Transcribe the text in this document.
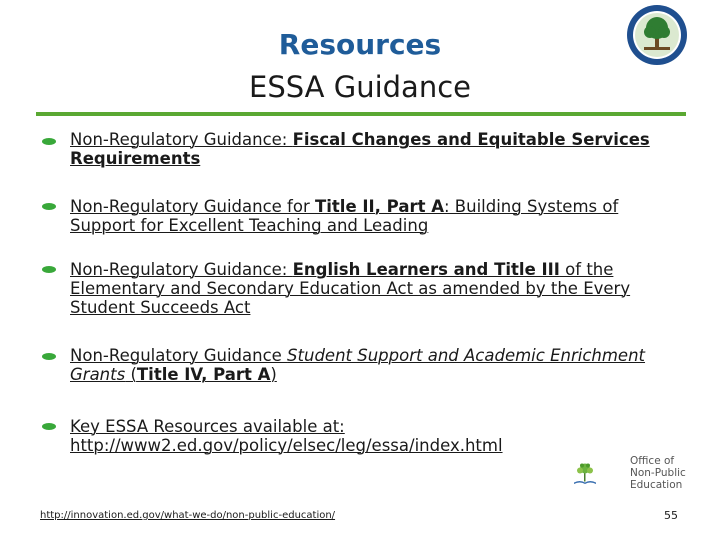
Resources
ESSA Guidance
Non-Regulatory Guidance: Fiscal Changes and Equitable Services Requirements
Non-Regulatory Guidance for Title II, Part A: Building Systems of Support for Excellent Teaching and Leading
Non-Regulatory Guidance: English Learners and Title III of the Elementary and Secondary Education Act as amended by the Every Student Succeeds Act
Non-Regulatory Guidance Student Support and Academic Enrichment Grants (Title IV, Part A)
Key ESSA Resources available at: http://www2.ed.gov/policy/elsec/leg/essa/index.html
Office of
Non-Public
Education
http://innovation.ed.gov/what-we-do/non-public-education/	55
